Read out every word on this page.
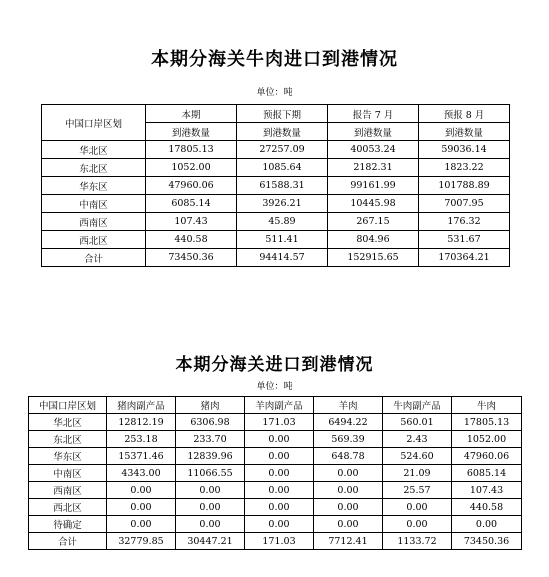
本期分海关牛肉进口到港情况
单位：吨
中国口岸区划	本期	预报下期	报告 7 月	预报 8 月
	到港数量	到港数量	到港数量	到港数量
华北区	17805.13	27257.09	40053.24	59036.14
东北区	1052.00	1085.64	2182.31	1823.22
华东区	47960.06	61588.31	99161.99	101788.89
中南区	6085.14	3926.21	10445.98	7007.95
西南区	107.43	45.89	267.15	176.32
西北区	440.58	511.41	804.96	531.67
合计	73450.36	94414.57	152915.65	170364.21
本期分海关进口到港情况
单位：吨
中国口岸区划	猪肉副产品	猪肉	羊肉副产品	羊肉	牛肉副产品	牛肉
华北区	12812.19	6306.98	171.03	6494.22	560.01	17805.13
东北区	253.18	233.70	0.00	569.39	2.43	1052.00
华东区	15371.46	12839.96	0.00	648.78	524.60	47960.06
中南区	4343.00	11066.55	0.00	0.00	21.09	6085.14
西南区	0.00	0.00	0.00	0.00	25.57	107.43
西北区	0.00	0.00	0.00	0.00	0.00	440.58
待确定	0.00	0.00	0.00	0.00	0.00	0.00
合计	32779.85	30447.21	171.03	7712.41	1133.72	73450.36
